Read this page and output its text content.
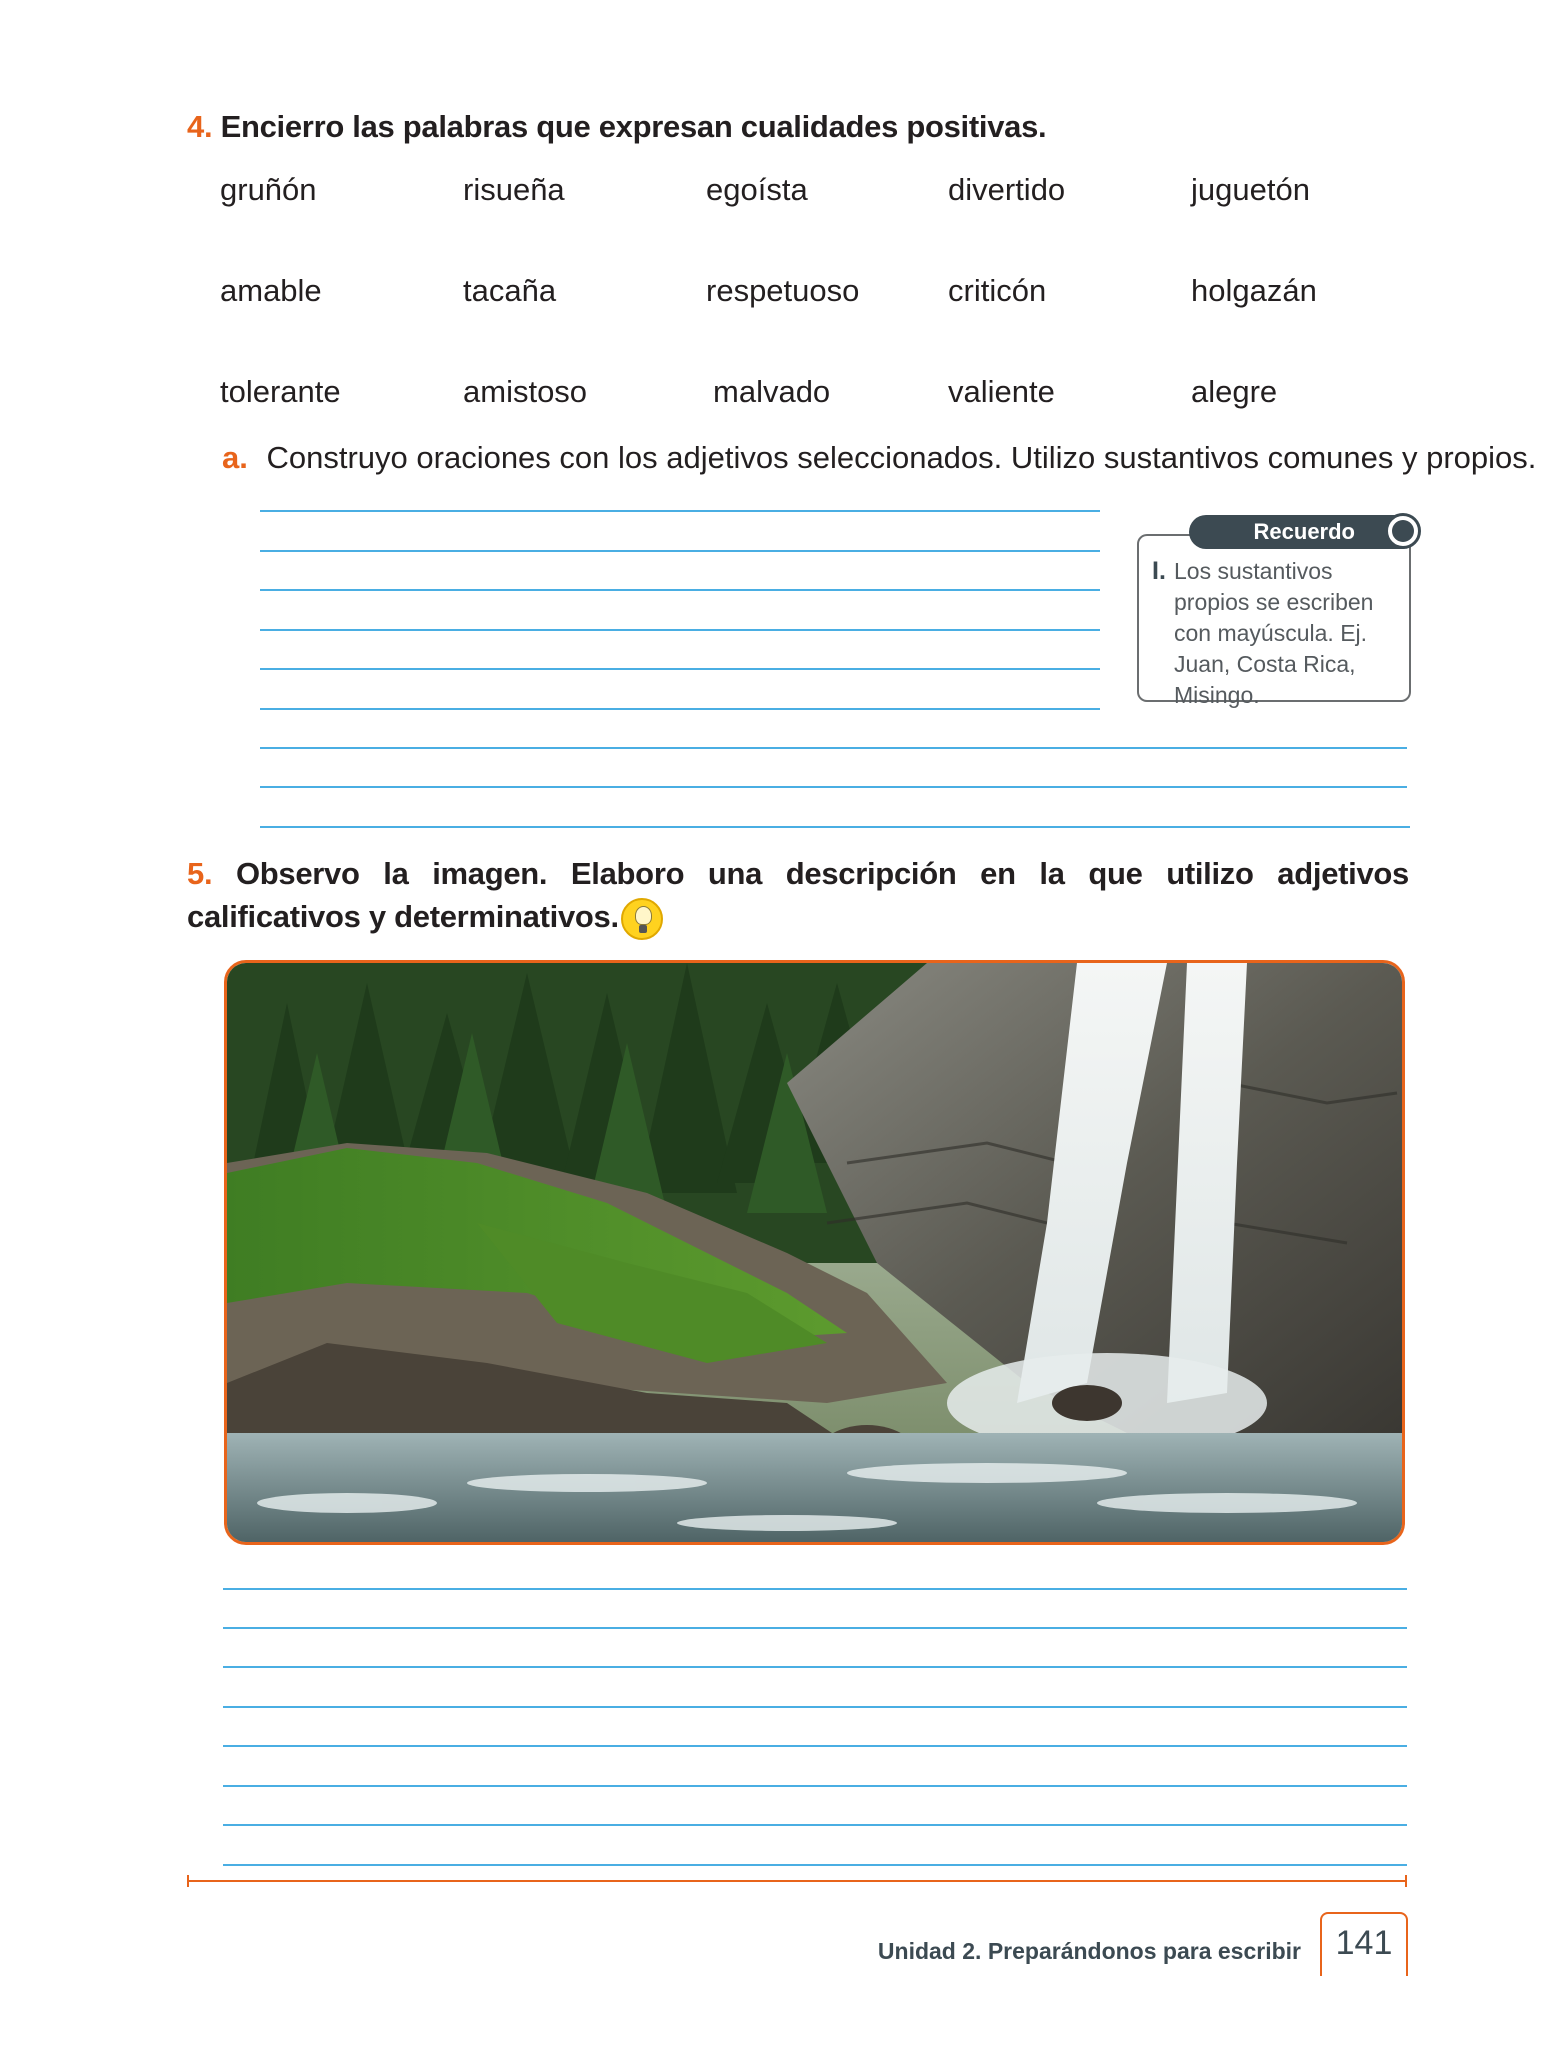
4. Encierro las palabras que expresan cualidades positivas.
gruñón	risueña	egoísta	divertido	juguetón
amable	tacaña	respetuoso	criticón	holgazán
tolerante	amistoso	malvado	valiente	alegre
a. Construyo oraciones con los adjetivos seleccionados. Utilizo sustantivos comunes y propios.
Recuerdo
I. Los sustantivos propios se escriben con mayúscula. Ej. Juan, Costa Rica, Misingo.
5. Observo la imagen. Elaboro una descripción en la que utilizo adjetivos calificativos y determinativos.
Unidad 2. Preparándonos para escribir	141
